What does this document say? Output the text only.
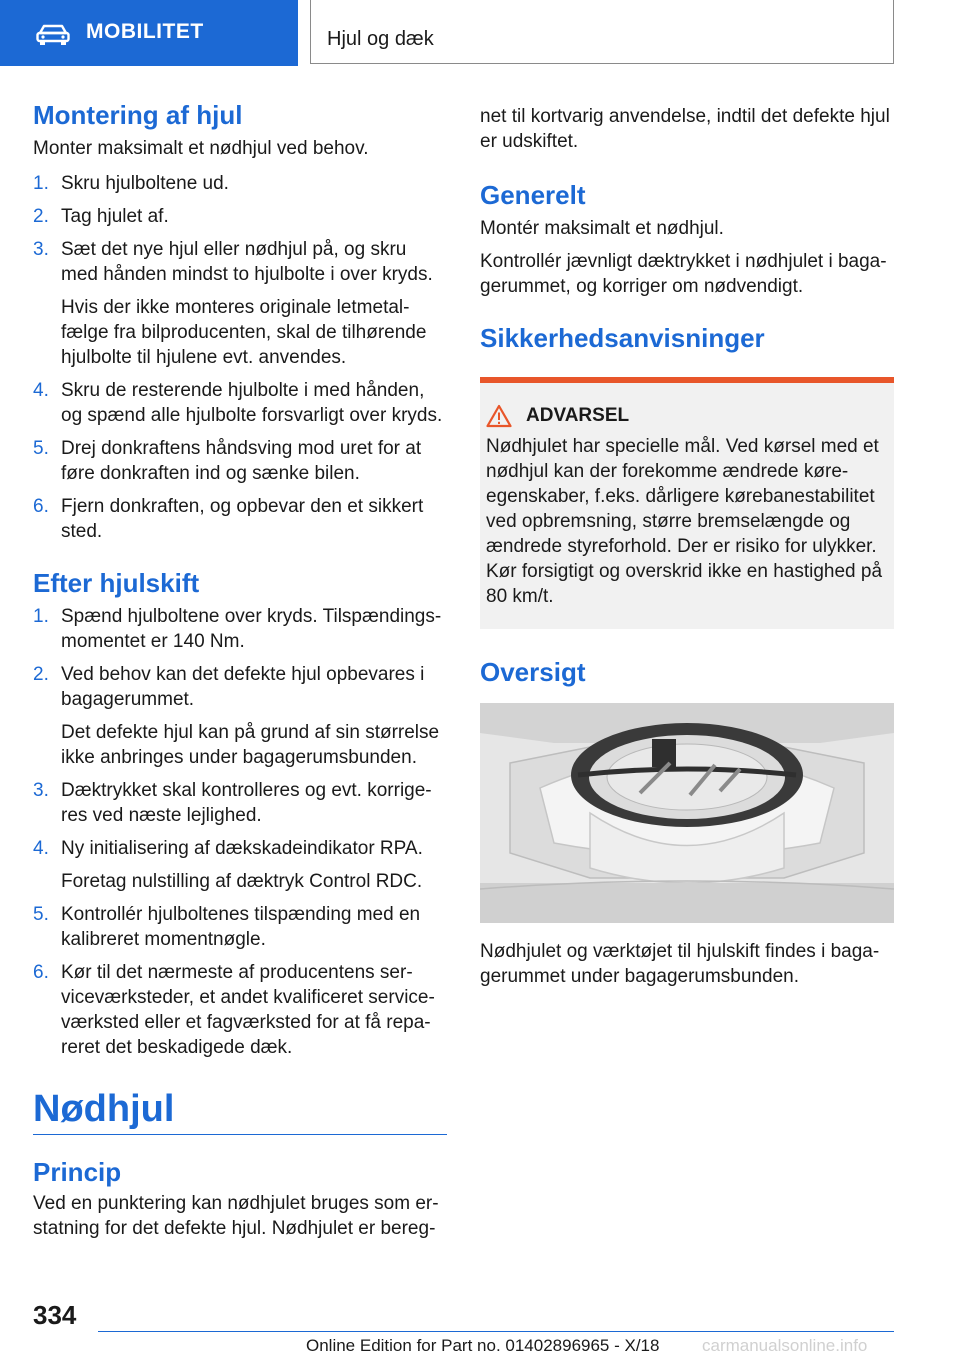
MOBILITET	Hjul og dæk
Montering af hjul

Monter maksimalt et nødhjul ved behov.

1. Skru hjulboltene ud.
2. Tag hjulet af.
3. Sæt det nye hjul eller nødhjul på, og skru med hånden mindst to hjulbolte i over kryds.
Hvis der ikke monteres originale letmetalfælge fra bilproducenten, skal de tilhørende hjulbolte til hjulene evt. anvendes.
4. Skru de resterende hjulbolte i med hånden, og spænd alle hjulbolte forsvarligt over kryds.
5. Drej donkraftens håndsving mod uret for at føre donkraften ind og sænke bilen.
6. Fjern donkraften, og opbevar den et sikkert sted.
Efter hjulskift
1. Spænd hjulboltene over kryds. Tilspændingsmomentet er 140 Nm.
2. Ved behov kan det defekte hjul opbevares i bagagerummet.
Det defekte hjul kan på grund af sin størrelse ikke anbringes under bagagerumsbunden.
3. Dæktrykket skal kontrolleres og evt. korrigeres ved næste lejlighed.
4. Ny initialisering af dækskadeindikator RPA.
Foretag nulstilling af dæktryk Control RDC.
5. Kontrollér hjulboltenes tilspænding med en kalibreret momentnøgle.
6. Kør til det nærmeste af producentens serviceværksteder, et andet kvalificeret serviceværksted eller et fagværksted for at få repareret det beskadigede dæk.
Nødhjul
Princip

Ved en punktering kan nødhjulet bruges som erstatning for det defekte hjul. Nødhjulet er bereg-

net til kortvarig anvendelse, indtil det defekte hjul er udskiftet.

Generelt

Montér maksimalt et nødhjul.

Kontrollér jævnligt dæktrykket i nødhjulet i bagagerummet, og korriger om nødvendigt.

Sikkerhedsanvisninger
ADVARSEL

Nødhjulet har specielle mål. Ved kørsel med et nødhjul kan der forekomme ændrede køreegenskaber, f.eks. dårligere kørebanestabilitet ved opbremsning, større bremselængde og ændrede styreforhold. Der er risiko for ulykker. Kør forsigtigt og overskrid ikke en hastighed på 80 km/t.

Oversigt

Nødhjulet og værktøjet til hjulskift findes i bagagerummet under bagagerumsbunden.

334
Online Edition for Part no. 01402896965 - X/18	carmanualsonline.info
